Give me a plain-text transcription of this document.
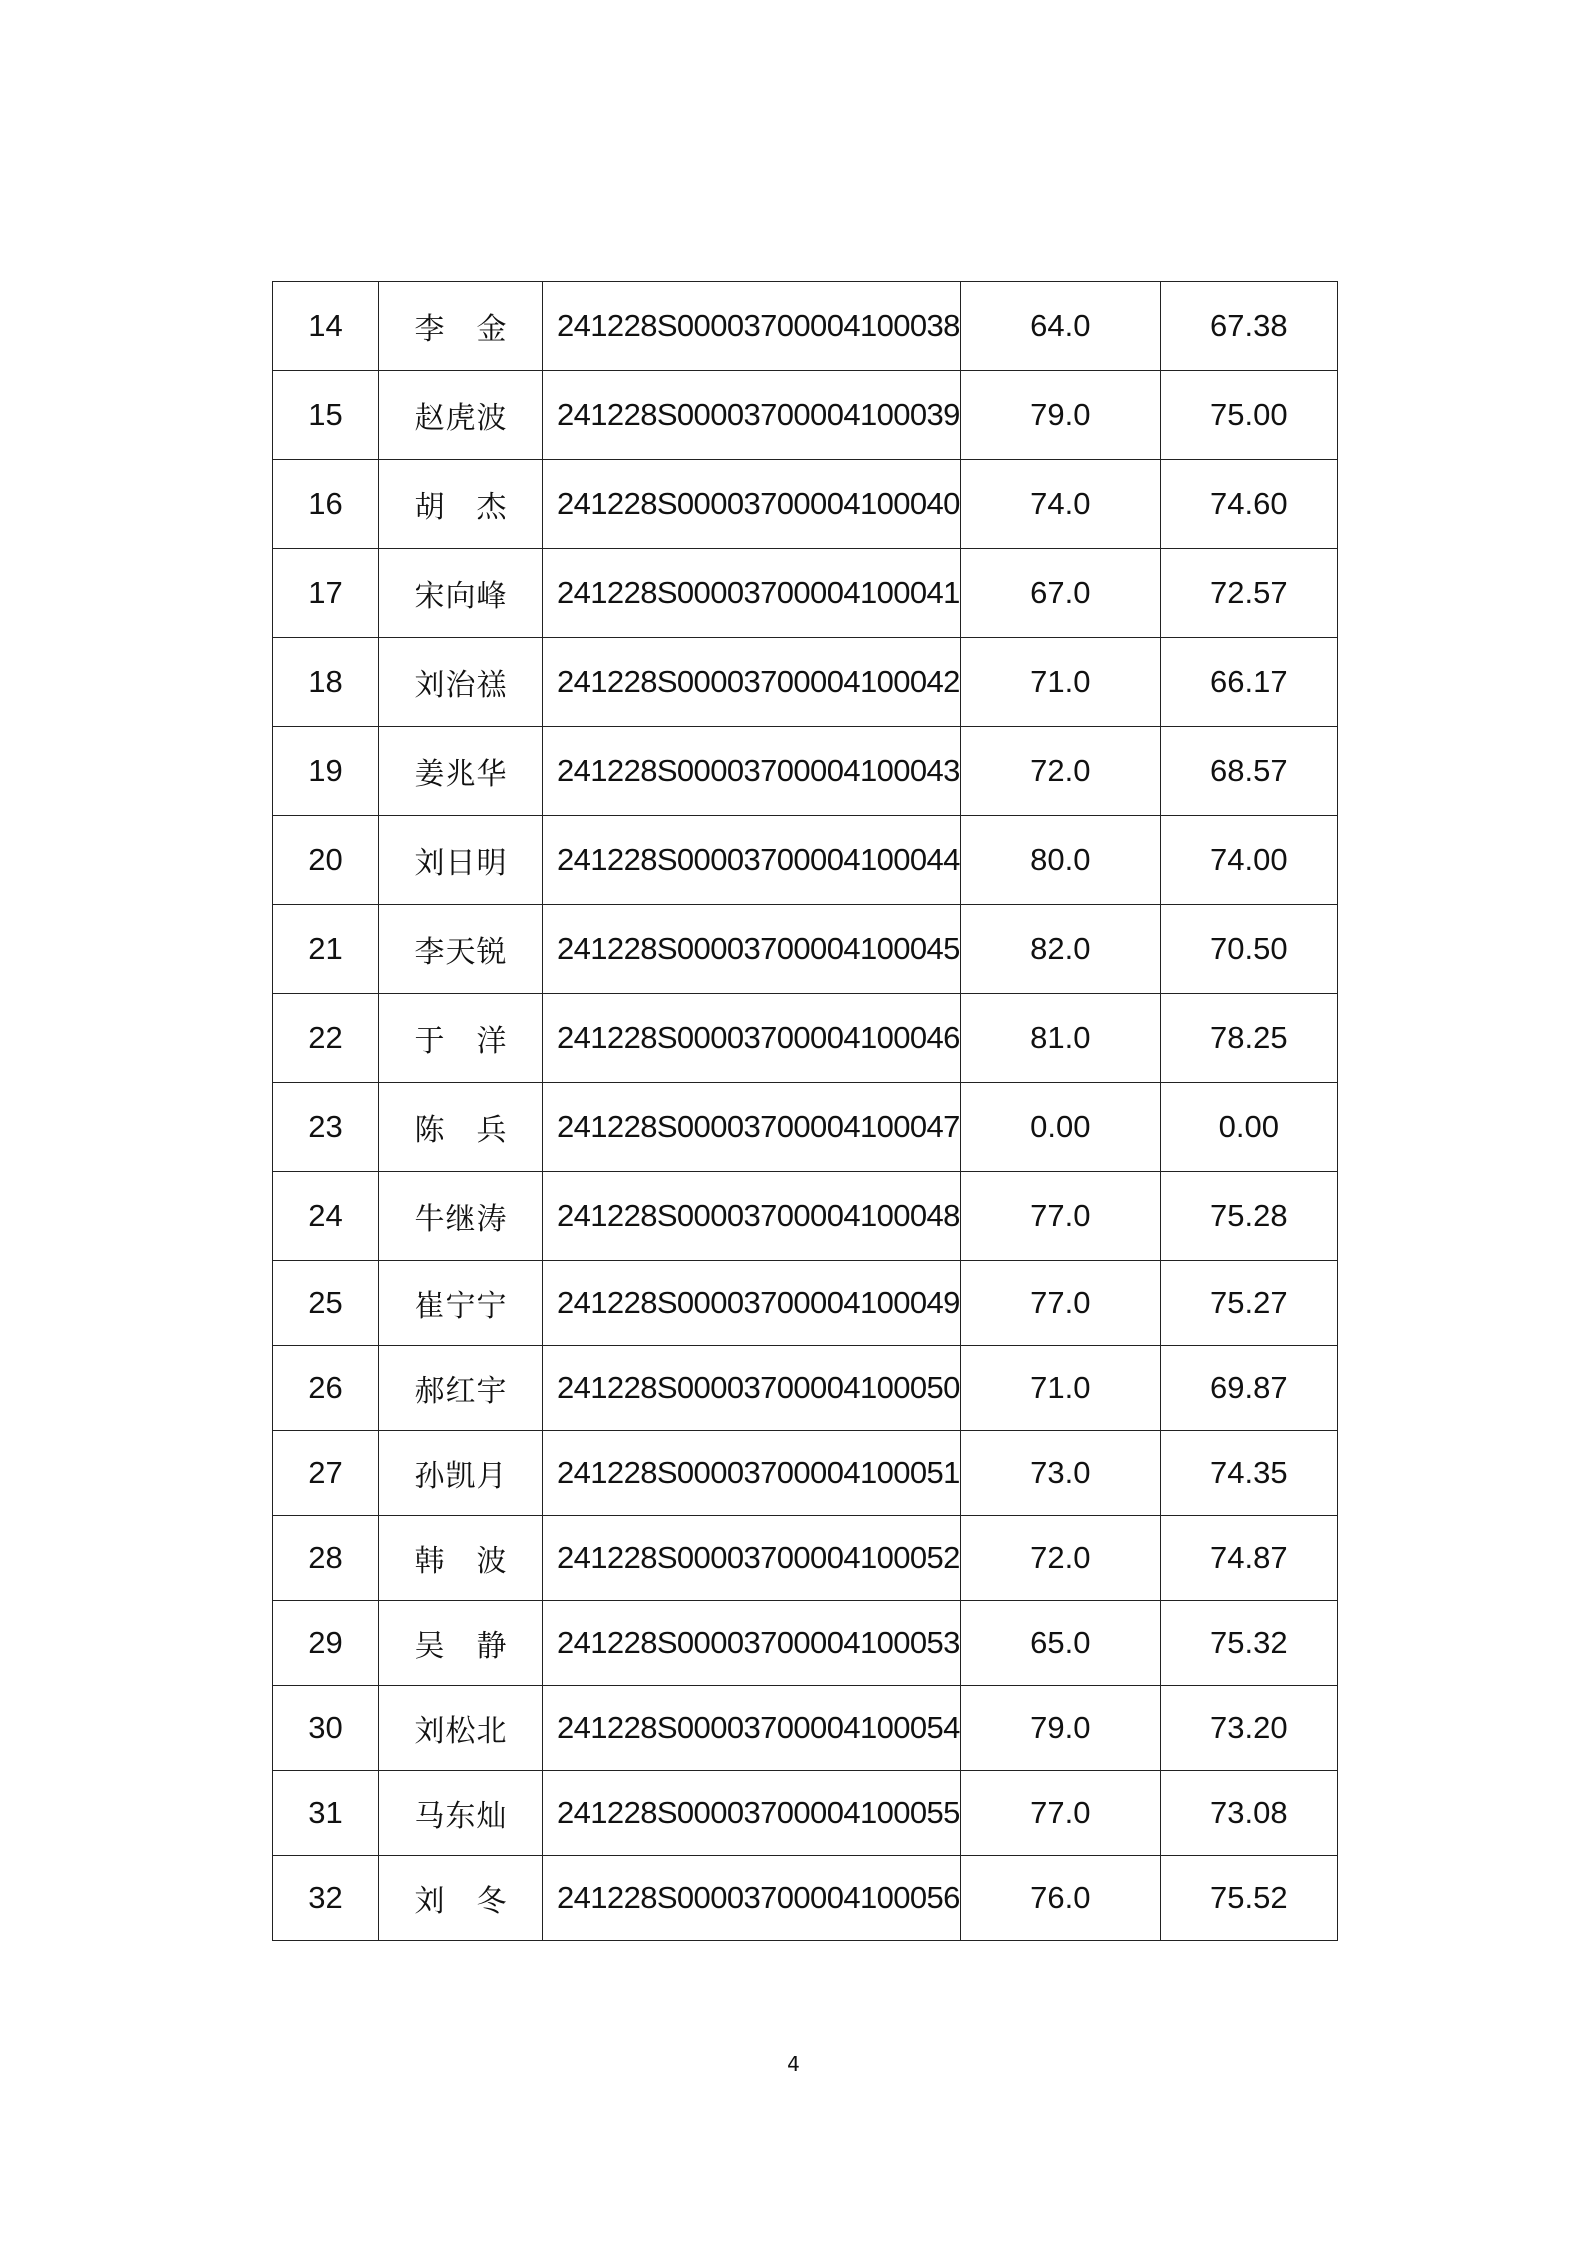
14	李金	241228S00003700004100038	64.0	67.38
15	赵虎波	241228S00003700004100039	79.0	75.00
16	胡杰	241228S00003700004100040	74.0	74.60
17	宋向峰	241228S00003700004100041	67.0	72.57
18	刘治禚	241228S00003700004100042	71.0	66.17
19	姜兆华	241228S00003700004100043	72.0	68.57
20	刘日明	241228S00003700004100044	80.0	74.00
21	李天锐	241228S00003700004100045	82.0	70.50
22	于洋	241228S00003700004100046	81.0	78.25
23	陈兵	241228S00003700004100047	0.00	0.00
24	牛继涛	241228S00003700004100048	77.0	75.28
25	崔宁宁	241228S00003700004100049	77.0	75.27
26	郝红宇	241228S00003700004100050	71.0	69.87
27	孙凯月	241228S00003700004100051	73.0	74.35
28	韩波	241228S00003700004100052	72.0	74.87
29	吴静	241228S00003700004100053	65.0	75.32
30	刘松北	241228S00003700004100054	79.0	73.20
31	马东灿	241228S00003700004100055	77.0	73.08
32	刘冬	241228S00003700004100056	76.0	75.52
4
